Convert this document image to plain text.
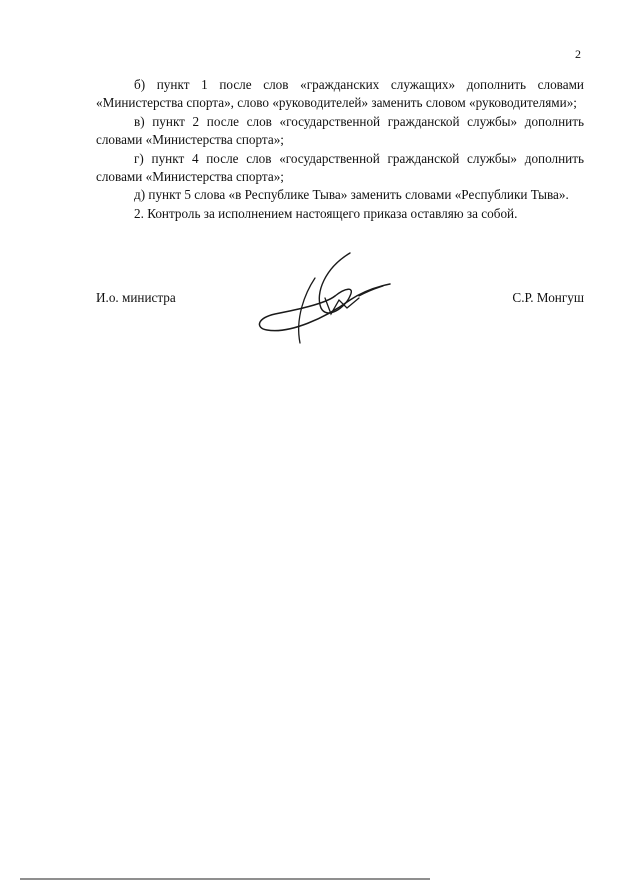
2

б) пункт 1 после слов «гражданских служащих» дополнить словами «Министерства спорта», слово «руководителей» заменить словом «руководителями»;

в) пункт 2 после слов «государственной гражданской службы» дополнить словами «Министерства спорта»;

г) пункт 4 после слов «государственной гражданской службы» дополнить словами «Министерства спорта»;

д) пункт 5 слова «в Республике Тыва» заменить словами «Республики Тыва».

2. Контроль за исполнением настоящего приказа оставляю за собой.

И.о. министра	С.Р. Монгуш
